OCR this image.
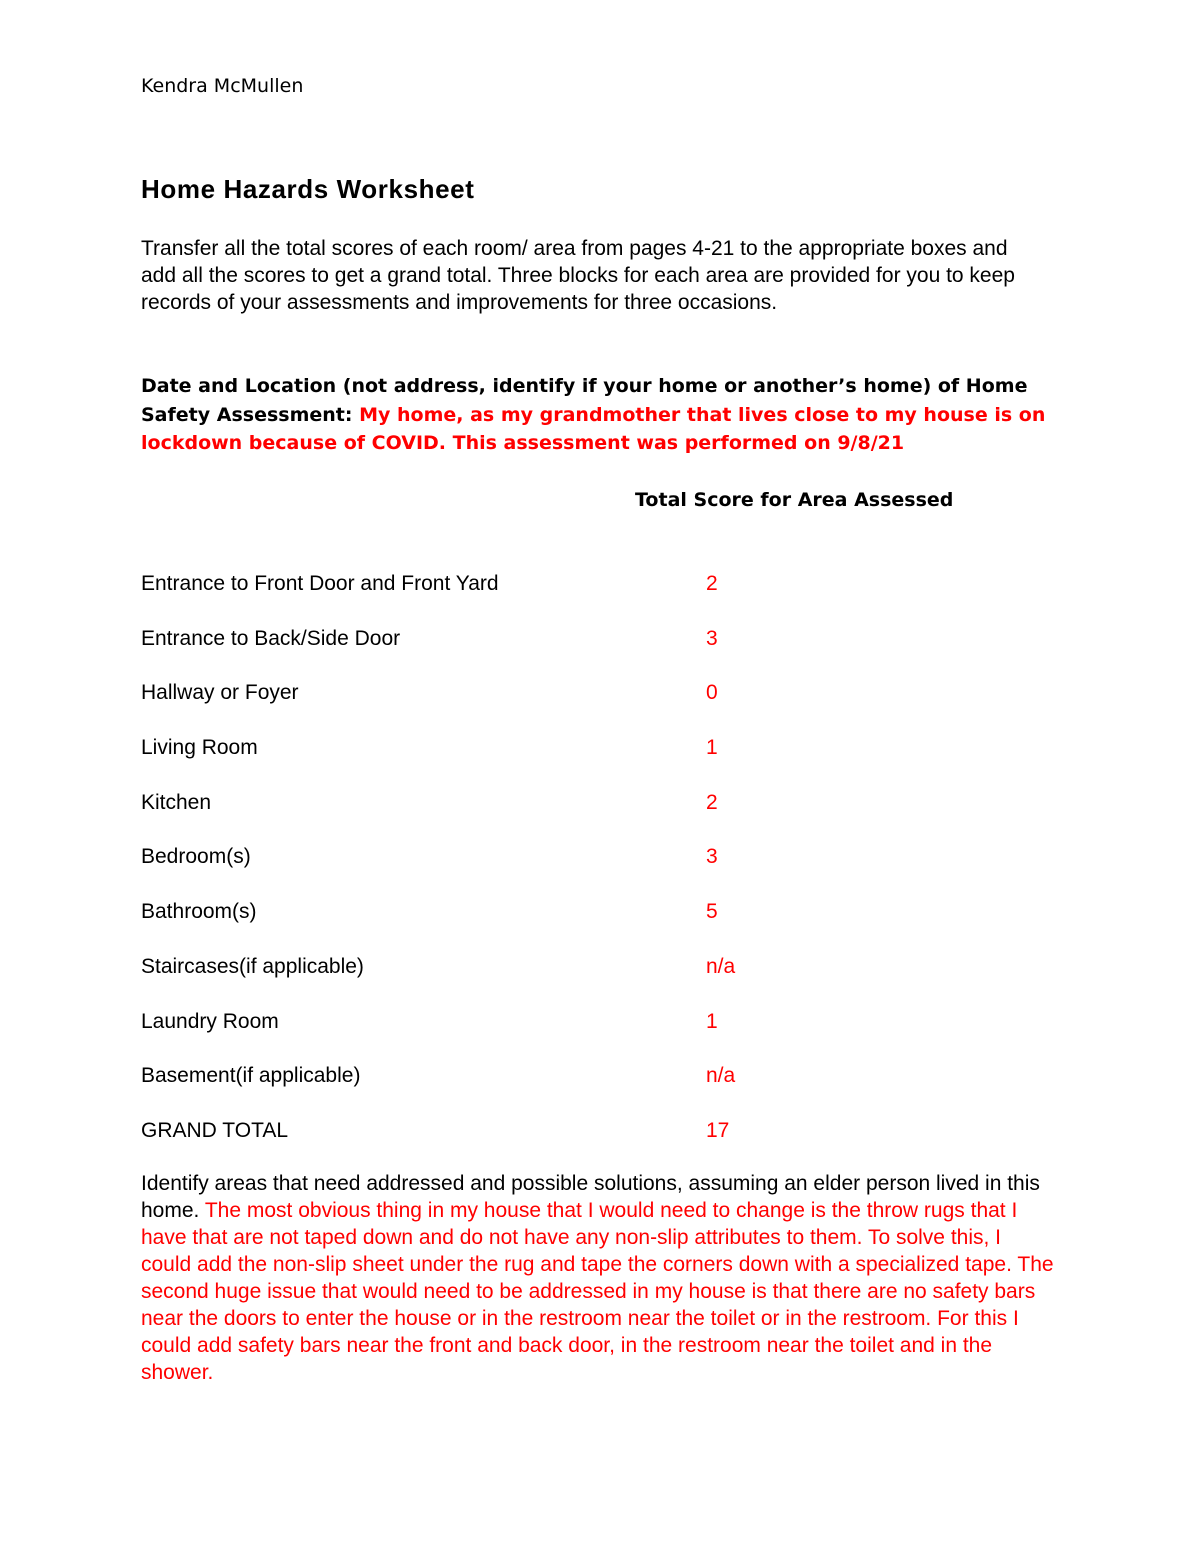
Kendra McMullen
Home Hazards Worksheet
Transfer all the total scores of each room/ area from pages 4-21 to the appropriate boxes and add all the scores to get a grand total. Three blocks for each area are provided for you to keep records of your assessments and improvements for three occasions.
Date and Location (not address, identify if your home or another’s home) of Home Safety Assessment: My home, as my grandmother that lives close to my house is on lockdown because of COVID. This assessment was performed on 9/8/21
Total Score for Area Assessed
Entrance to Front Door and Front Yard	2
Entrance to Back/Side Door	3
Hallway or Foyer	0
Living Room	1
Kitchen	2
Bedroom(s)	3
Bathroom(s)	5
Staircases(if applicable)	n/a
Laundry Room	1
Basement(if applicable)	n/a
GRAND TOTAL	17
Identify areas that need addressed and possible solutions, assuming an elder person lived in this home. The most obvious thing in my house that I would need to change is the throw rugs that I have that are not taped down and do not have any non-slip attributes to them. To solve this, I could add the non-slip sheet under the rug and tape the corners down with a specialized tape. The second huge issue that would need to be addressed in my house is that there are no safety bars near the doors to enter the house or in the restroom near the toilet or in the restroom. For this I could add safety bars near the front and back door, in the restroom near the toilet and in the shower.
